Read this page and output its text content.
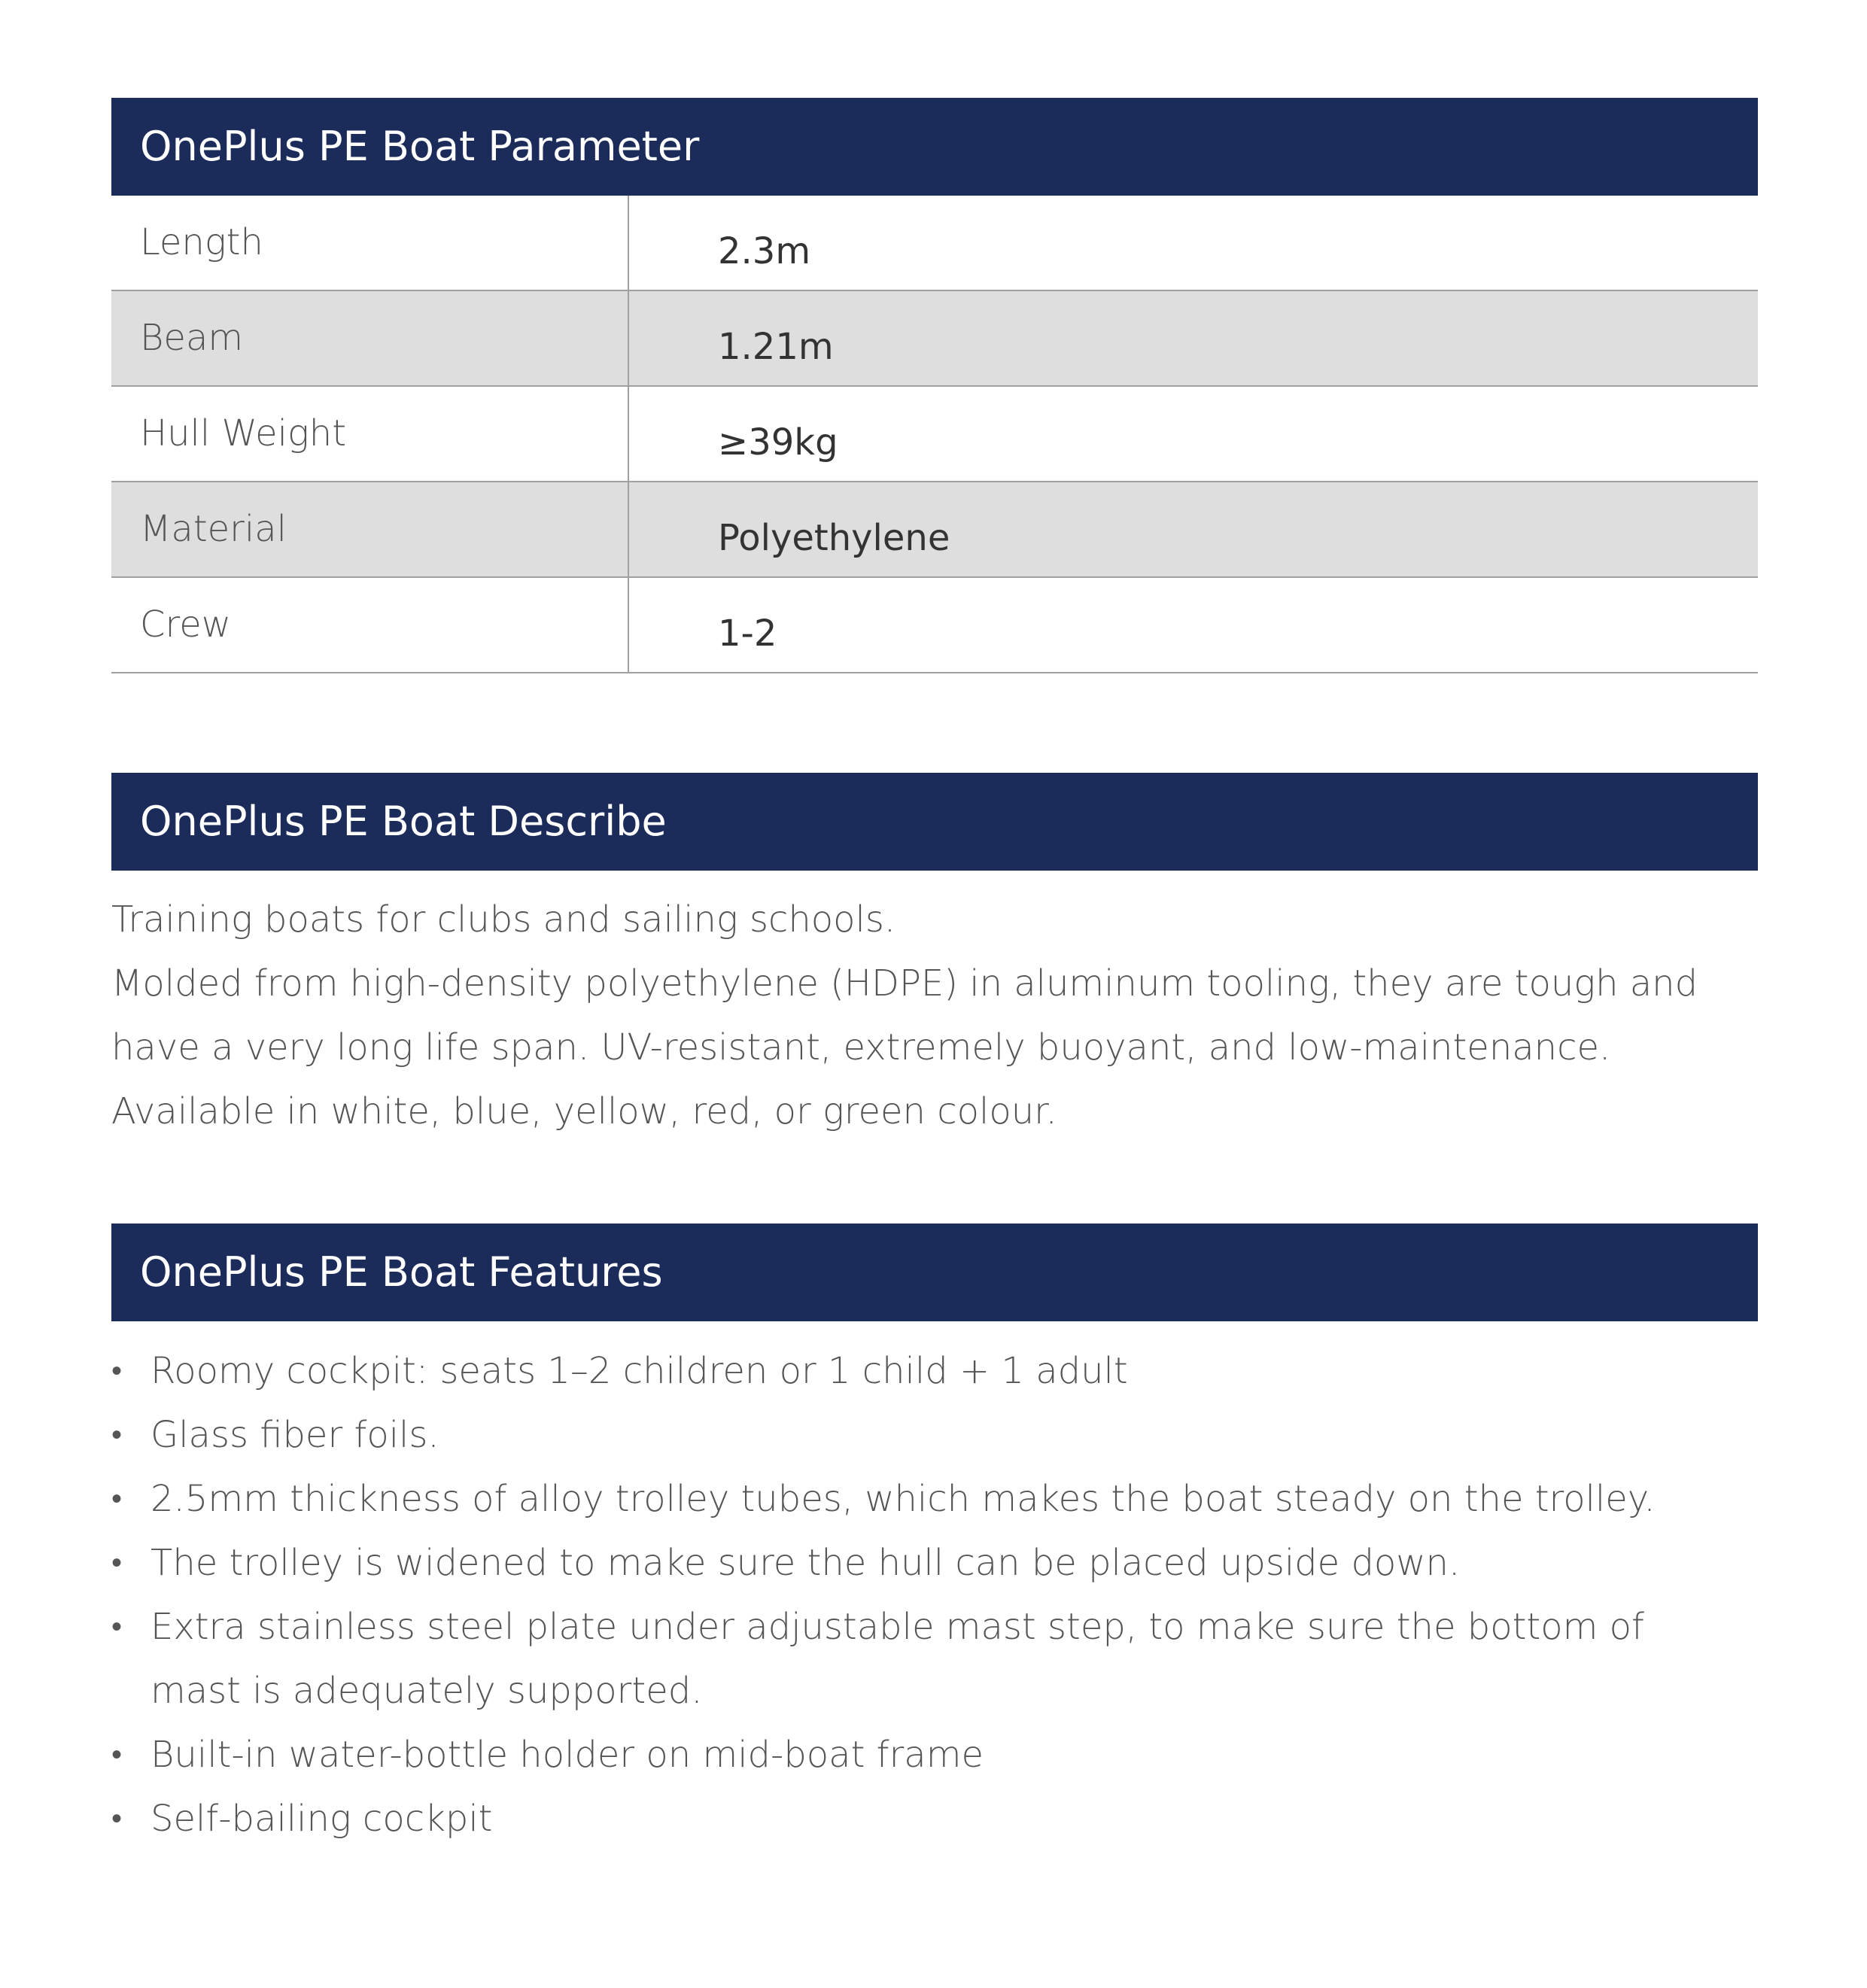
OnePlus PE Boat Parameter
Length	2.3m
Beam	1.21m
Hull Weight	≥39kg
Material	Polyethylene
Crew	1-2
OnePlus PE Boat Describe

Training boats for clubs and sailing schools.

Molded from high-density polyethylene (HDPE) in aluminum tooling, they are tough and have a very long life span. UV-resistant, extremely buoyant, and low-maintenance. Available in white, blue, yellow, red, or green colour.

OnePlus PE Boat Features
• Roomy cockpit: seats 1–2 children or 1 child + 1 adult
• Glass fiber foils.
• 2.5mm thickness of alloy trolley tubes, which makes the boat steady on the trolley.
• The trolley is widened to make sure the hull can be placed upside down.
• Extra stainless steel plate under adjustable mast step, to make sure the bottom of mast is adequately supported.
• Built-in water-bottle holder on mid-boat frame
• Self-bailing cockpit
